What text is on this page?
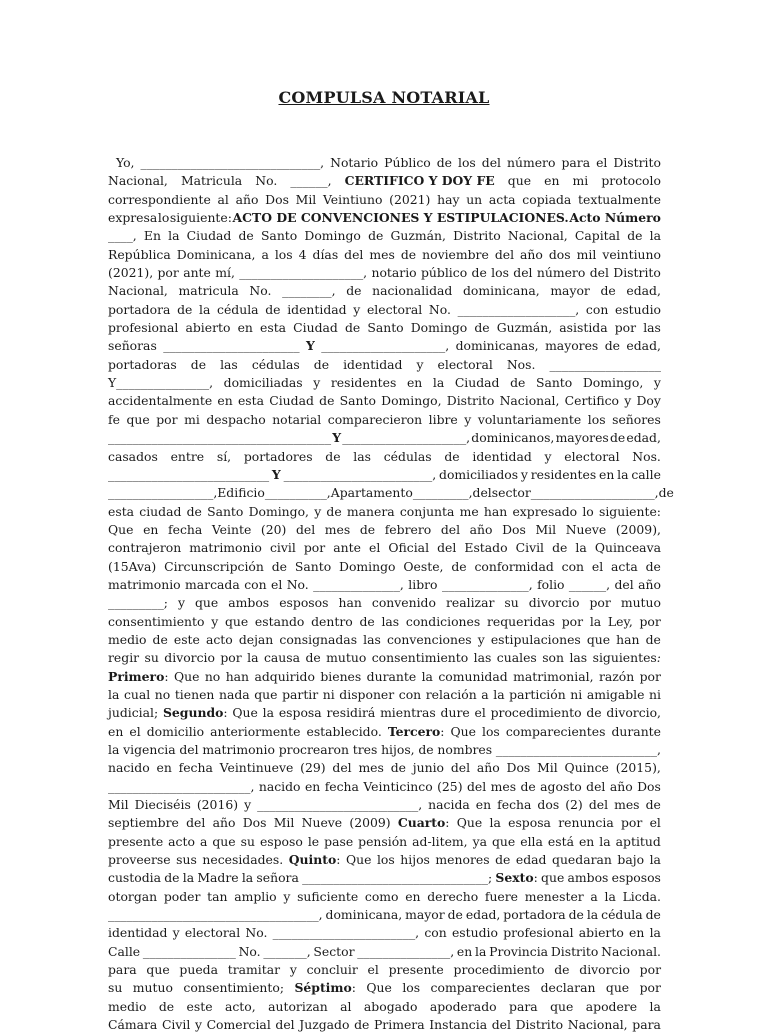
COMPULSA NOTARIAL
Yo, _____________________________, Notario Público de los del número para el Distrito
Nacional, Matricula No. ______, CERTIFICO Y DOY FE que en mi protocolo
correspondiente al año Dos Mil Veintiuno (2021) hay un acta copiada textualmente
expresa lo siguiente: ACTO DE CONVENCIONES Y ESTIPULACIONES. Acto Número
____, En la Ciudad de Santo Domingo de Guzmán, Distrito Nacional, Capital de la
República Dominicana, a los 4 días del mes de noviembre del año dos mil veintiuno
(2021), por ante mí, ____________________, notario público de los del número del Distrito
Nacional, matricula No. ________, de nacionalidad dominicana, mayor de edad,
portadora de la cédula de identidad y electoral No. ___________________, con estudio
profesional abierto en esta Ciudad de Santo Domingo de Guzmán, asistida por las
señoras ______________________ Y ____________________, dominicanas, mayores de edad,
portadoras de las cédulas de identidad y electoral Nos. __________________
Y_______________, domiciliadas y residentes en la Ciudad de Santo Domingo, y
accidentalmente en esta Ciudad de Santo Domingo, Distrito Nacional, Certifico y Doy
fe que por mi despacho notarial comparecieron libre y voluntariamente los señores
____________________________________ Y ____________________, dominicanos, mayores de edad,
casados entre sí, portadores de las cédulas de identidad y electoral Nos.
__________________________ Y ________________________, domiciliados y residentes en la calle
_________________, Edificio __________, Apartamento _________, del sector ____________________, de
esta ciudad de Santo Domingo, y de manera conjunta me han expresado lo siguiente:
Que en fecha Veinte (20) del mes de febrero del año Dos Mil Nueve (2009),
contrajeron matrimonio civil por ante el Oficial del Estado Civil de la Quinceava
(15Ava) Circunscripción de Santo Domingo Oeste, de conformidad con el acta de
matrimonio marcada con el No. ______________, libro ______________, folio ______, del año
_________; y que ambos esposos han convenido realizar su divorcio por mutuo
consentimiento y que estando dentro de las condiciones requeridas por la Ley, por
medio de este acto dejan consignadas las convenciones y estipulaciones que han de
regir su divorcio por la causa de mutuo consentimiento las cuales son las siguientes:
Primero: Que no han adquirido bienes durante la comunidad matrimonial, razón por
la cual no tienen nada que partir ni disponer con relación a la partición ni amigable ni
judicial; Segundo: Que la esposa residirá mientras dure el procedimiento de divorcio,
en el domicilio anteriormente establecido. Tercero: Que los comparecientes durante
la vigencia del matrimonio procrearon tres hijos, de nombres __________________________,
nacido en fecha Veintinueve (29) del mes de junio del año Dos Mil Quince (2015),
_______________________, nacido en fecha Veinticinco (25) del mes de agosto del año Dos
Mil Dieciséis (2016) y __________________________, nacida en fecha dos (2) del mes de
septiembre del año Dos Mil Nueve (2009) Cuarto: Que la esposa renuncia por el
presente acto a que su esposo le pase pensión ad-litem, ya que ella está en la aptitud
proveerse sus necesidades. Quinto: Que los hijos menores de edad quedaran bajo la
custodia de la Madre la señora ______________________________; Sexto: que ambos esposos
otorgan poder tan amplio y suficiente como en derecho fuere menester a la Licda.
__________________________________, dominicana, mayor de edad, portadora de la cédula de
identidad y electoral No. _______________________, con estudio profesional abierto en la
Calle _______________ No. _______, Sector _______________, en la Provincia Distrito Nacional.
para que pueda tramitar y concluir el presente procedimiento de divorcio por
su mutuo consentimiento; Séptimo: Que los comparecientes declaran que por
medio de este acto, autorizan al abogado apoderado para que apodere la
Cámara Civil y Comercial del Juzgado de Primera Instancia del Distrito Nacional, para
